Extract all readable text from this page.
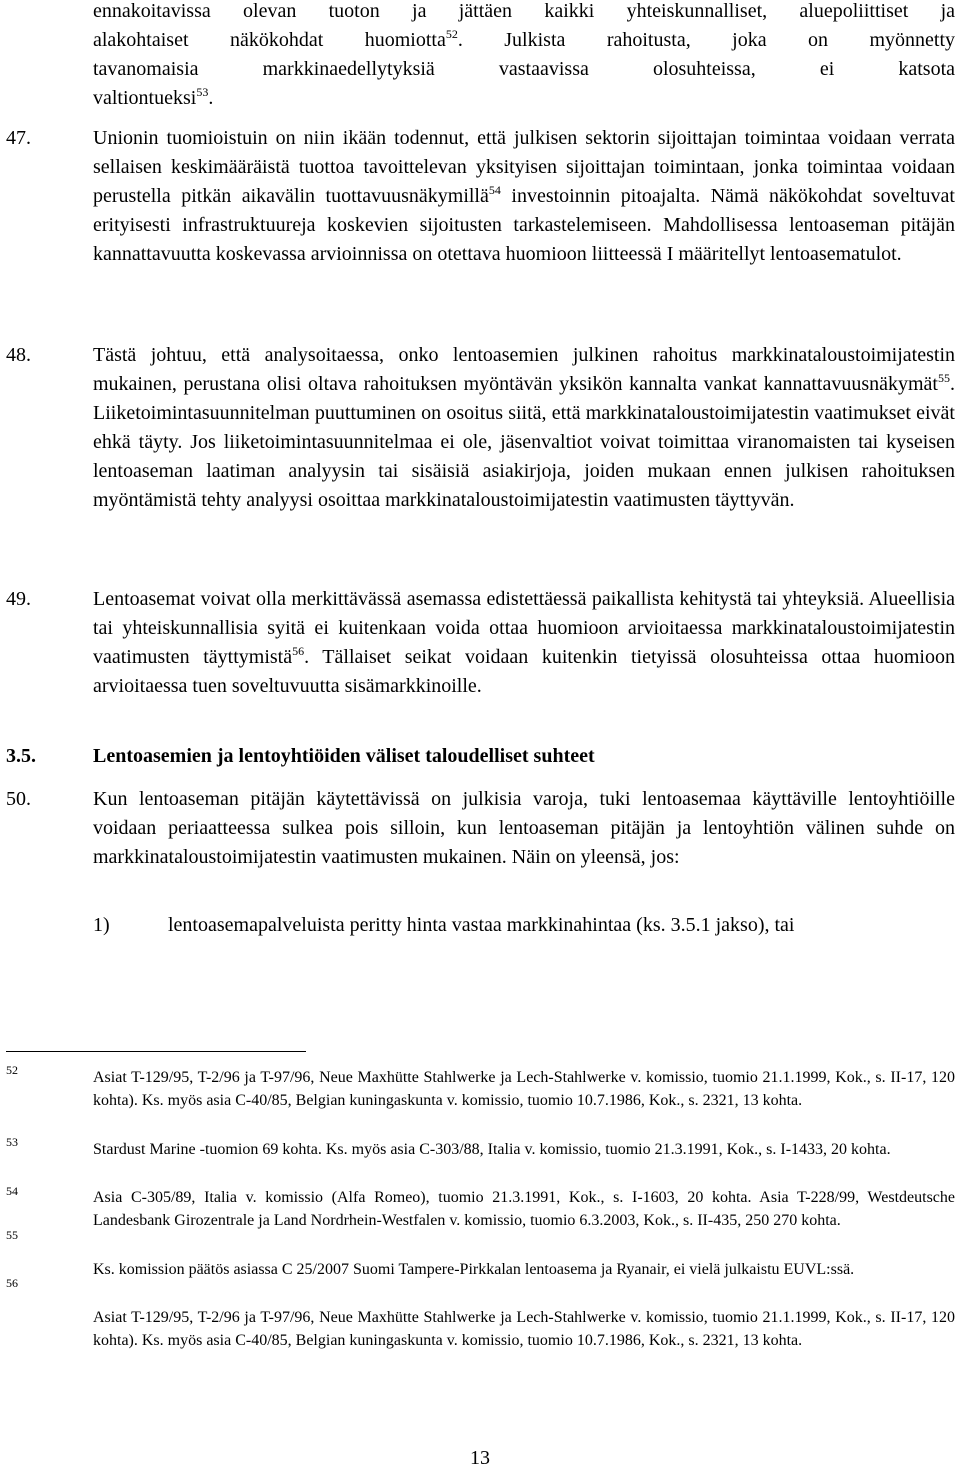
ennakoitavissa olevan tuoton ja jättäen kaikki yhteiskunnalliset, aluepoliittiset ja

alakohtaiset näkökohdat huomiotta$^{52}$. Julkista rahoitusta, joka on myönnetty

tavanomaisia markkinaedellytyksiä vastaavissa olosuhteissa, ei katsota

valtiontueksi$^{53}$.

47.	Unionin tuomioistuin on niin ikään todennut, että julkisen sektorin sijoittajan toimintaa voidaan verrata sellaisen keskimääräistä tuottoa tavoittelevan yksityisen sijoittajan toimintaan, jonka toimintaa voidaan perustella pitkän aikavälin tuottavuusnäkymillä$^{54}$ investoinnin pitoajalta. Nämä näkökohdat soveltuvat erityisesti infrastruktuureja koskevien sijoitusten tarkastelemiseen. Mahdollisessa lentoaseman pitäjän kannattavuutta koskevassa arvioinnissa on otettava huomioon liitteessä I määritellyt lentoasematulot.

48.	Tästä johtuu, että analysoitaessa, onko lentoasemien julkinen rahoitus markkinataloustoimijatestin mukainen, perustana olisi oltava rahoituksen myöntävän yksikön kannalta vankat kannattavuusnäkymät$^{55}$. Liiketoimintasuunnitelman puuttuminen on osoitus siitä, että markkinataloustoimijatestin vaatimukset eivät ehkä täyty. Jos liiketoimintasuunnitelmaa ei ole, jäsenvaltiot voivat toimittaa viranomaisten tai kyseisen lentoaseman laatiman analyysin tai sisäisiä asiakirjoja, joiden mukaan ennen julkisen rahoituksen myöntämistä tehty analyysi osoittaa markkinataloustoimijatestin vaatimusten täyttyvän.

49.	Lentoasemat voivat olla merkittävässä asemassa edistettäessä paikallista kehitystä tai yhteyksiä. Alueellisia tai yhteiskunnallisia syitä ei kuitenkaan voida ottaa huomioon arvioitaessa markkinataloustoimijatestin vaatimusten täyttymistä$^{56}$. Tällaiset seikat voidaan kuitenkin tietyissä olosuhteissa ottaa huomioon arvioitaessa tuen soveltuvuutta sisämarkkinoille.

3.5.	Lentoasemien ja lentoyhtiöiden väliset taloudelliset suhteet
50.	Kun lentoaseman pitäjän käytettävissä on julkisia varoja, tuki lentoasemaa käyttäville lentoyhtiöille voidaan periaatteessa sulkea pois silloin, kun lentoaseman pitäjän ja lentoyhtiön välinen suhde on markkinataloustoimijatestin vaatimusten mukainen. Näin on yleensä, jos:

1)	lentoasemapalveluista peritty hinta vastaa markkinahintaa (ks. 3.5.1 jakso), tai
52	Asiat T-129/95, T-2/96 ja T-97/96, Neue Maxhütte Stahlwerke ja Lech-Stahlwerke v. komissio, tuomio 21.1.1999, Kok., s. II-17, 120 kohta). Ks. myös asia C-40/85, Belgian kuningaskunta v. komissio, tuomio 10.7.1986, Kok., s. 2321, 13 kohta.
53	Stardust Marine -tuomion 69 kohta. Ks. myös asia C-303/88, Italia v. komissio, tuomio 21.3.1991, Kok., s. I-1433, 20 kohta.
54	Asia C-305/89, Italia v. komissio (Alfa Romeo), tuomio 21.3.1991, Kok., s. I-1603, 20 kohta. Asia T-228/99, Westdeutsche Landesbank Girozentrale ja Land Nordrhein-Westfalen v. komissio, tuomio 6.3.2003, Kok., s. II-435, 250 270 kohta.
55
Ks. komission päätös asiassa C 25/2007 Suomi Tampere-Pirkkalan lentoasema ja Ryanair, ei vielä julkaistu EUVL:ssä.
56
Asiat T-129/95, T-2/96 ja T-97/96, Neue Maxhütte Stahlwerke ja Lech-Stahlwerke v. komissio, tuomio 21.1.1999, Kok., s. II-17, 120 kohta). Ks. myös asia C-40/85, Belgian kuningaskunta v. komissio, tuomio 10.7.1986, Kok., s. 2321, 13 kohta.
13
